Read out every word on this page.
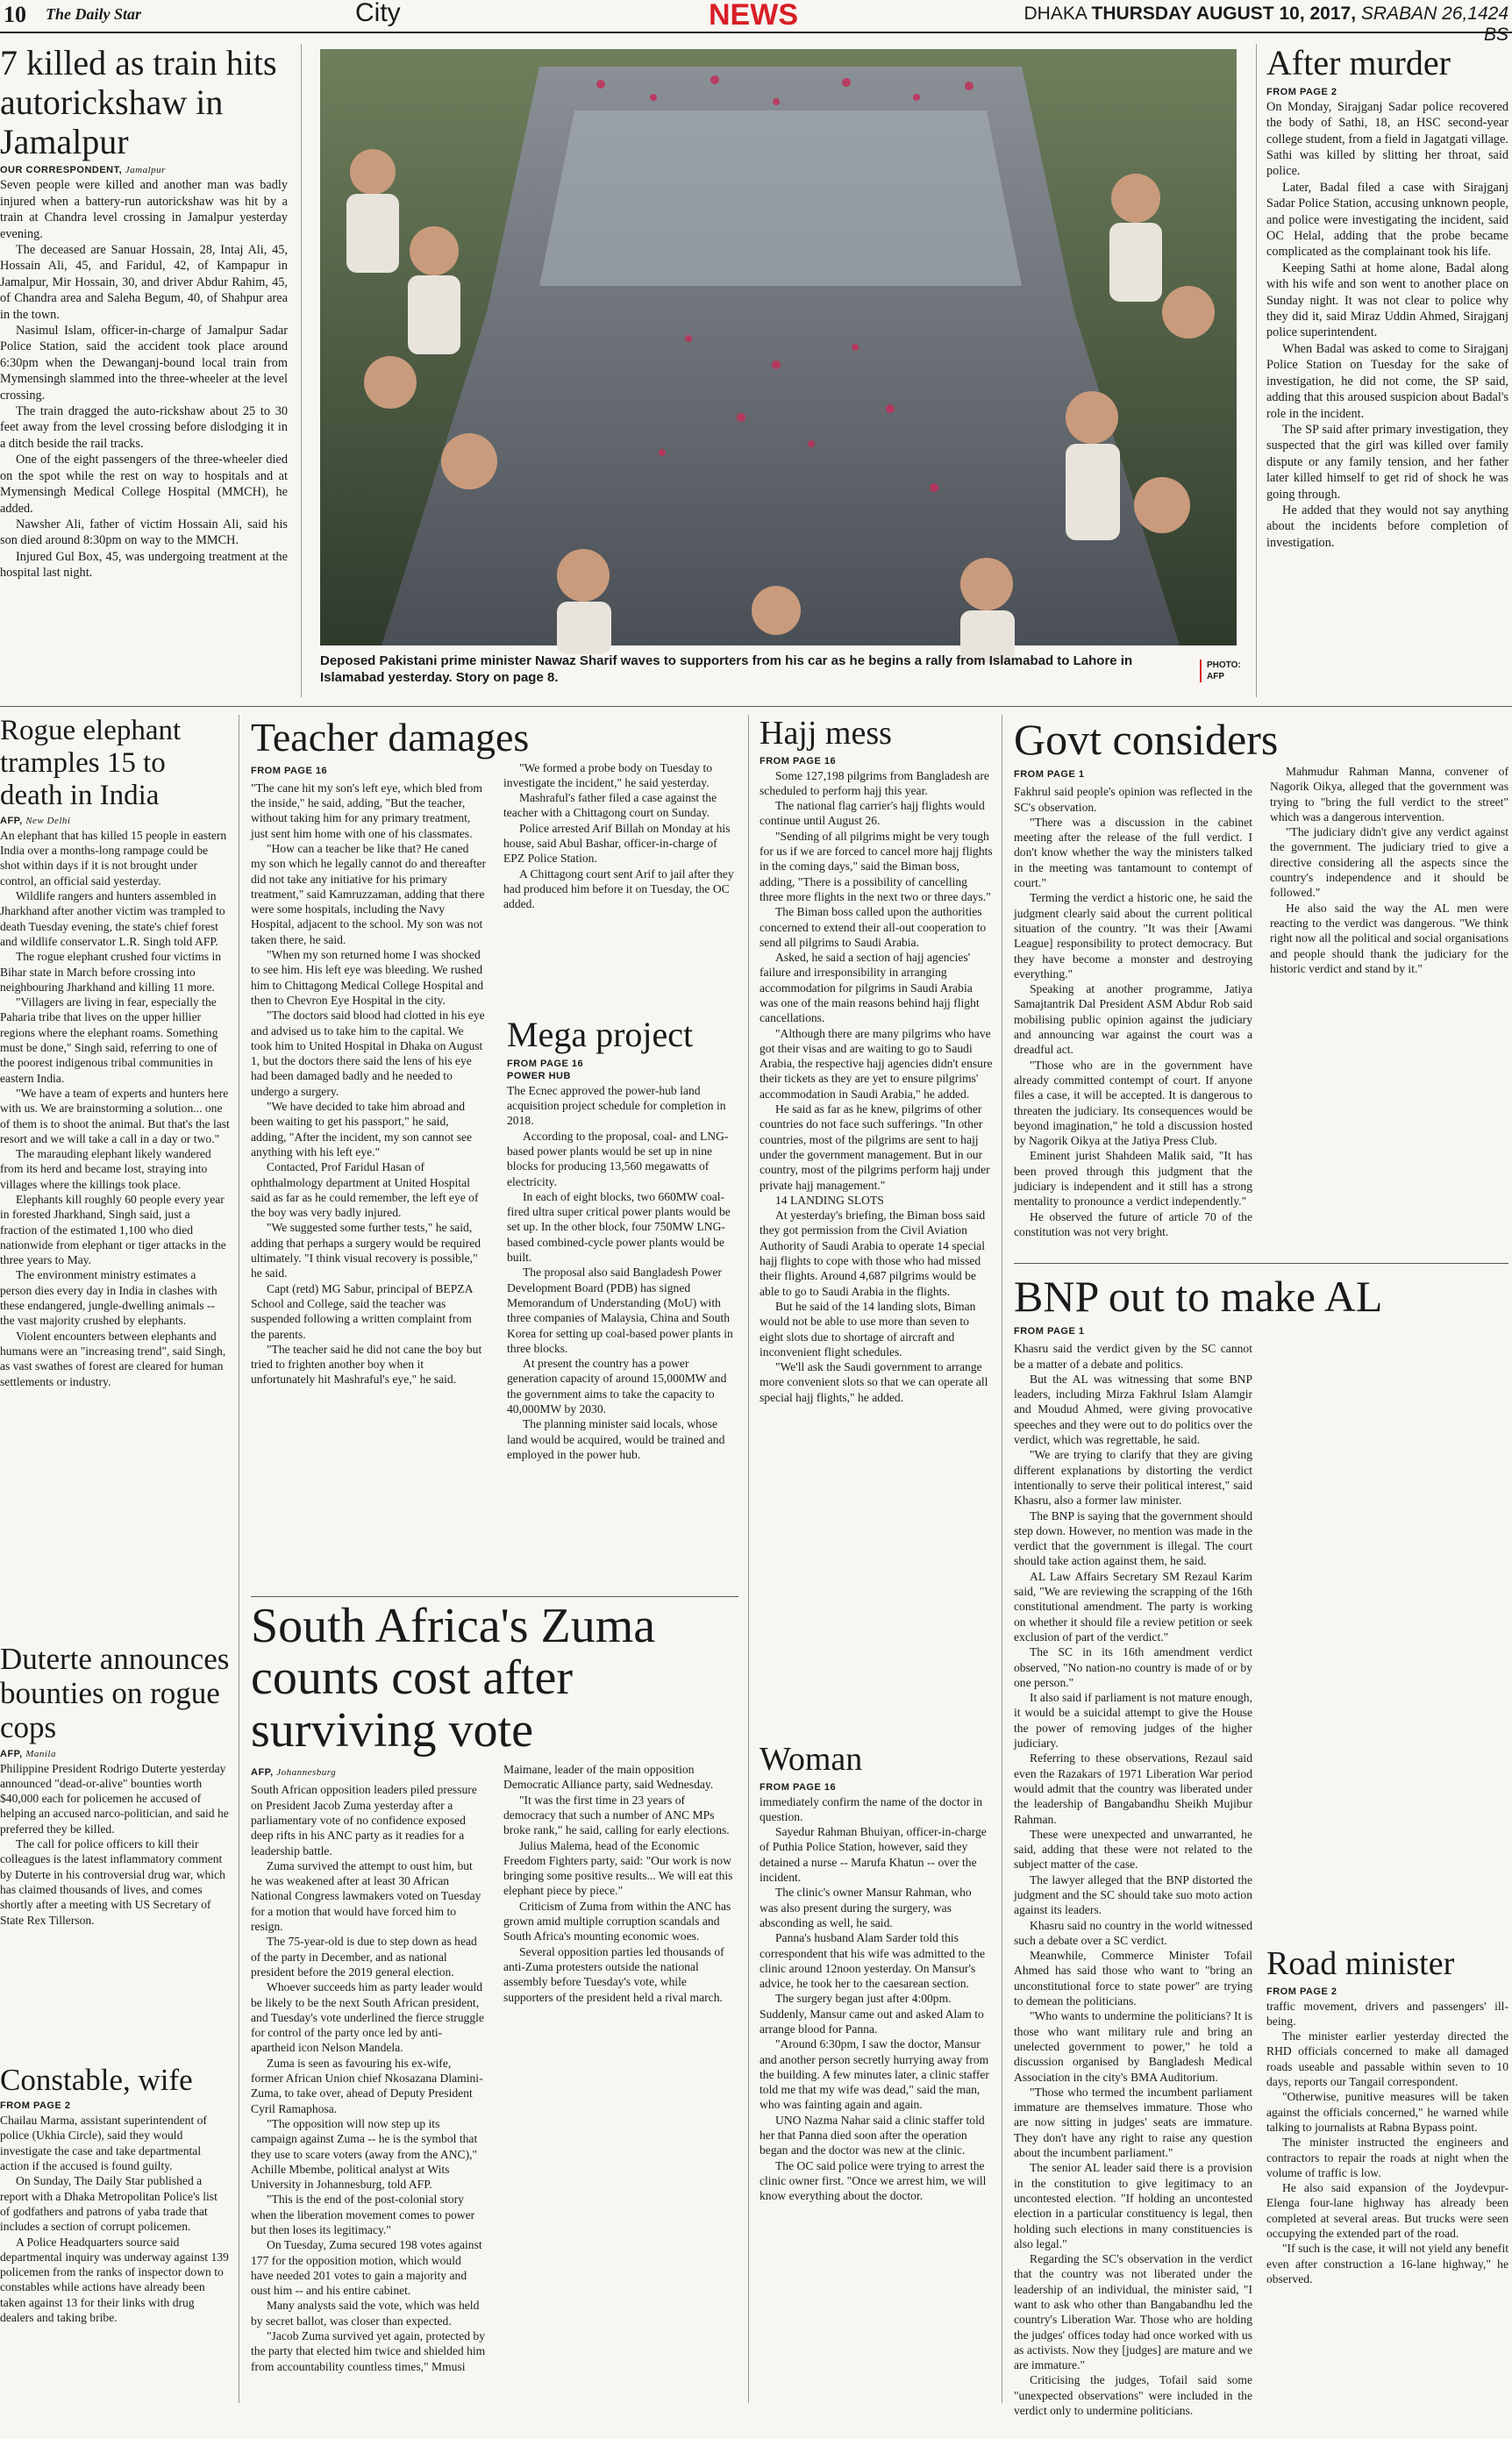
10 The Daily Star	City	NEWS	DHAKA THURSDAY AUGUST 10, 2017, SRABAN 26,1424 BS
7 killed as train hits autorickshaw in Jamalpur
OUR CORRESPONDENT, Jamalpur

Seven people were killed and another man was badly injured when a battery-run autorickshaw was hit by a train at Chandra level crossing in Jamalpur yesterday evening.

The deceased are Sanuar Hossain, 28, Intaj Ali, 45, Hossain Ali, 45, and Faridul, 42, of Kampapur in Jamalpur, Mir Hossain, 30, and driver Abdur Rahim, 45, of Chandra area and Saleha Begum, 40, of Shahpur area in the town.

Nasimul Islam, officer-in-charge of Jamalpur Sadar Police Station, said the accident took place around 6:30pm when the Dewanganj-bound local train from Mymensingh slammed into the three-wheeler at the level crossing.

The train dragged the auto-rickshaw about 25 to 30 feet away from the level crossing before dislodging it in a ditch beside the rail tracks.

One of the eight passengers of the three-wheeler died on the spot while the rest on way to hospitals and at Mymensingh Medical College Hospital (MMCH), he added.

Nawsher Ali, father of victim Hossain Ali, said his son died around 8:30pm on way to the MMCH.

Injured Gul Box, 45, was undergoing treatment at the hospital last night.

Deposed Pakistani prime minister Nawaz Sharif waves to supporters from his car as he begins a rally from Islamabad to Lahore in Islamabad yesterday. Story on page 8.
PHOTO:
AFP
After murder
FROM PAGE 2

On Monday, Sirajganj Sadar police recovered the body of Sathi, 18, an HSC second-year college student, from a field in Jagatgati village. Sathi was killed by slitting her throat, said police.

Later, Badal filed a case with Sirajganj Sadar Police Station, accusing unknown people, and police were investigating the incident, said OC Helal, adding that the probe became complicated as the complainant took his life.

Keeping Sathi at home alone, Badal along with his wife and son went to another place on Sunday night. It was not clear to police why they did it, said Miraz Uddin Ahmed, Sirajganj police superintendent.

When Badal was asked to come to Sirajganj Police Station on Tuesday for the sake of investigation, he did not come, the SP said, adding that this aroused suspicion about Badal's role in the incident.

The SP said after primary investigation, they suspected that the girl was killed over family dispute or any family tension, and her father later killed himself to get rid of shock he was going through.

He added that they would not say anything about the incidents before completion of investigation.

Rogue elephant tramples 15 to death in India
AFP, New Delhi

An elephant that has killed 15 people in eastern India over a months-long rampage could be shot within days if it is not brought under control, an official said yesterday.

Wildlife rangers and hunters assembled in Jharkhand after another victim was trampled to death Tuesday evening, the state's chief forest and wildlife conservator L.R. Singh told AFP.

The rogue elephant crushed four victims in Bihar state in March before crossing into neighbouring Jharkhand and killing 11 more.

"Villagers are living in fear, especially the Paharia tribe that lives on the upper hillier regions where the elephant roams. Something must be done," Singh said, referring to one of the poorest indigenous tribal communities in eastern India.

"We have a team of experts and hunters here with us. We are brainstorming a solution... one of them is to shoot the animal. But that's the last resort and we will take a call in a day or two."

The marauding elephant likely wandered from its herd and became lost, straying into villages where the killings took place.

Elephants kill roughly 60 people every year in forested Jharkhand, Singh said, just a fraction of the estimated 1,100 who died nationwide from elephant or tiger attacks in the three years to May.

The environment ministry estimates a person dies every day in India in clashes with these endangered, jungle-dwelling animals -- the vast majority crushed by elephants.

Violent encounters between elephants and humans were an "increasing trend", said Singh, as vast swathes of forest are cleared for human settlements or industry.

Duterte announces bounties on rogue cops
AFP, Manila

Philippine President Rodrigo Duterte yesterday announced "dead-or-alive" bounties worth $40,000 each for policemen he accused of helping an accused narco-politician, and said he preferred they be killed.

The call for police officers to kill their colleagues is the latest inflammatory comment by Duterte in his controversial drug war, which has claimed thousands of lives, and comes shortly after a meeting with US Secretary of State Rex Tillerson.

Constable, wife
FROM PAGE 2

Chailau Marma, assistant superintendent of police (Ukhia Circle), said they would investigate the case and take departmental action if the accused is found guilty.

On Sunday, The Daily Star published a report with a Dhaka Metropolitan Police's list of godfathers and patrons of yaba trade that includes a section of corrupt policemen.

A Police Headquarters source said departmental inquiry was underway against 139 policemen from the ranks of inspector down to constables while actions have already been taken against 13 for their links with drug dealers and taking bribe.

Teacher damages
FROM PAGE 16

"The cane hit my son's left eye, which bled from the inside," he said, adding, "But the teacher, without taking him for any primary treatment, just sent him home with one of his classmates.

"How can a teacher be like that? He caned my son which he legally cannot do and thereafter did not take any initiative for his primary treatment," said Kamruzzaman, adding that there were some hospitals, including the Navy Hospital, adjacent to the school. My son was not taken there, he said.

"When my son returned home I was shocked to see him. His left eye was bleeding. We rushed him to Chittagong Medical College Hospital and then to Chevron Eye Hospital in the city.

"The doctors said blood had clotted in his eye and advised us to take him to the capital. We took him to United Hospital in Dhaka on August 1, but the doctors there said the lens of his eye had been damaged badly and he needed to undergo a surgery.

"We have decided to take him abroad and been waiting to get his passport," he said, adding, "After the incident, my son cannot see anything with his left eye."

Contacted, Prof Faridul Hasan of ophthalmology department at United Hospital said as far as he could remember, the left eye of the boy was very badly injured.

"We suggested some further tests," he said, adding that perhaps a surgery would be required ultimately. "I think visual recovery is possible," he said.

Capt (retd) MG Sabur, principal of BEPZA School and College, said the teacher was suspended following a written complaint from the parents.

"The teacher said he did not cane the boy but tried to frighten another boy when it unfortunately hit Mashraful's eye," he said.

"We formed a probe body on Tuesday to investigate the incident," he said yesterday.

Mashraful's father filed a case against the teacher with a Chittagong court on Sunday.

Police arrested Arif Billah on Monday at his house, said Abul Bashar, officer-in-charge of EPZ Police Station.

A Chittagong court sent Arif to jail after they had produced him before it on Tuesday, the OC added.

Mega project
FROM PAGE 16
POWER HUB

The Ecnec approved the power-hub land acquisition project schedule for completion in 2018.

According to the proposal, coal- and LNG-based power plants would be set up in nine blocks for producing 13,560 megawatts of electricity.

In each of eight blocks, two 660MW coal-fired ultra super critical power plants would be set up. In the other block, four 750MW LNG-based combined-cycle power plants would be built.

The proposal also said Bangladesh Power Development Board (PDB) has signed Memorandum of Understanding (MoU) with three companies of Malaysia, China and South Korea for setting up coal-based power plants in three blocks.

At present the country has a power generation capacity of around 15,000MW and the government aims to take the capacity to 40,000MW by 2030.

The planning minister said locals, whose land would be acquired, would be trained and employed in the power hub.

South Africa's Zuma counts cost after surviving vote
AFP, Johannesburg

South African opposition leaders piled pressure on President Jacob Zuma yesterday after a parliamentary vote of no confidence exposed deep rifts in his ANC party as it readies for a leadership battle.

Zuma survived the attempt to oust him, but he was weakened after at least 30 African National Congress lawmakers voted on Tuesday for a motion that would have forced him to resign.

The 75-year-old is due to step down as head of the party in December, and as national president before the 2019 general election.

Whoever succeeds him as party leader would be likely to be the next South African president, and Tuesday's vote underlined the fierce struggle for control of the party once led by anti-apartheid icon Nelson Mandela.

Zuma is seen as favouring his ex-wife, former African Union chief Nkosazana Dlamini-Zuma, to take over, ahead of Deputy President Cyril Ramaphosa.

"The opposition will now step up its campaign against Zuma -- he is the symbol that they use to scare voters (away from the ANC)," Achille Mbembe, political analyst at Wits University in Johannesburg, told AFP.

"This is the end of the post-colonial story when the liberation movement comes to power but then loses its legitimacy."

On Tuesday, Zuma secured 198 votes against 177 for the opposition motion, which would have needed 201 votes to gain a majority and oust him -- and his entire cabinet.

Many analysts said the vote, which was held by secret ballot, was closer than expected.

"Jacob Zuma survived yet again, protected by the party that elected him twice and shielded him from accountability countless times," Mmusi Maimane, leader of the main opposition Democratic Alliance party, said Wednesday.

"It was the first time in 23 years of democracy that such a number of ANC MPs broke rank," he said, calling for early elections.

Julius Malema, head of the Economic Freedom Fighters party, said: "Our work is now bringing some positive results... We will eat this elephant piece by piece."

Criticism of Zuma from within the ANC has grown amid multiple corruption scandals and South Africa's mounting economic woes.

Several opposition parties led thousands of anti-Zuma protesters outside the national assembly before Tuesday's vote, while supporters of the president held a rival march.

Hajj mess
FROM PAGE 16

Some 127,198 pilgrims from Bangladesh are scheduled to perform hajj this year.

The national flag carrier's hajj flights would continue until August 26.

"Sending of all pilgrims might be very tough for us if we are forced to cancel more hajj flights in the coming days," said the Biman boss, adding, "There is a possibility of cancelling three more flights in the next two or three days."

The Biman boss called upon the authorities concerned to extend their all-out cooperation to send all pilgrims to Saudi Arabia.

Asked, he said a section of hajj agencies' failure and irresponsibility in arranging accommodation for pilgrims in Saudi Arabia was one of the main reasons behind hajj flight cancellations.

"Although there are many pilgrims who have got their visas and are waiting to go to Saudi Arabia, the respective hajj agencies didn't ensure their tickets as they are yet to ensure pilgrims' accommodation in Saudi Arabia," he added.

He said as far as he knew, pilgrims of other countries do not face such sufferings. "In other countries, most of the pilgrims are sent to hajj under the government management. But in our country, most of the pilgrims perform hajj under private hajj management."

14 LANDING SLOTS

At yesterday's briefing, the Biman boss said they got permission from the Civil Aviation Authority of Saudi Arabia to operate 14 special hajj flights to cope with those who had missed their flights. Around 4,687 pilgrims would be able to go to Saudi Arabia in the flights.

But he said of the 14 landing slots, Biman would not be able to use more than seven to eight slots due to shortage of aircraft and inconvenient flight schedules.

"We'll ask the Saudi government to arrange more convenient slots so that we can operate all special hajj flights," he added.

Woman
FROM PAGE 16

immediately confirm the name of the doctor in question.

Sayedur Rahman Bhuiyan, officer-in-charge of Puthia Police Station, however, said they detained a nurse -- Marufa Khatun -- over the incident.

The clinic's owner Mansur Rahman, who was also present during the surgery, was absconding as well, he said.

Panna's husband Alam Sarder told this correspondent that his wife was admitted to the clinic around 12noon yesterday. On Mansur's advice, he took her to the caesarean section.

The surgery began just after 4:00pm. Suddenly, Mansur came out and asked Alam to arrange blood for Panna.

"Around 6:30pm, I saw the doctor, Mansur and another person secretly hurrying away from the building. A few minutes later, a clinic staffer told me that my wife was dead," said the man, who was fainting again and again.

UNO Nazma Nahar said a clinic staffer told her that Panna died soon after the operation began and the doctor was new at the clinic.

The OC said police were trying to arrest the clinic owner first. "Once we arrest him, we will know everything about the doctor.

Govt considers
FROM PAGE 1

Fakhrul said people's opinion was reflected in the SC's observation.

"There was a discussion in the cabinet meeting after the release of the full verdict. I don't know whether the way the ministers talked in the meeting was tantamount to contempt of court."

Terming the verdict a historic one, he said the judgment clearly said about the current political situation of the country. "It was their [Awami League] responsibility to protect democracy. But they have become a monster and destroying everything."

Speaking at another programme, Jatiya Samajtantrik Dal President ASM Abdur Rob said mobilising public opinion against the judiciary and announcing war against the court was a dreadful act.

"Those who are in the government have already committed contempt of court. If anyone files a case, it will be accepted. It is dangerous to threaten the judiciary. Its consequences would be beyond imagination," he told a discussion hosted by Nagorik Oikya at the Jatiya Press Club.

Eminent jurist Shahdeen Malik said, "It has been proved through this judgment that the judiciary is independent and it still has a strong mentality to pronounce a verdict independently."

He observed the future of article 70 of the constitution was not very bright.

Mahmudur Rahman Manna, convener of Nagorik Oikya, alleged that the government was trying to "bring the full verdict to the street" which was a dangerous intervention.

"The judiciary didn't give any verdict against the government. The judiciary tried to give a directive considering all the aspects since the country's independence and it should be followed."

He also said the way the AL men were reacting to the verdict was dangerous. "We think right now all the political and social organisations and people should thank the judiciary for the historic verdict and stand by it."

BNP out to make AL
FROM PAGE 1

Khasru said the verdict given by the SC cannot be a matter of a debate and politics.

But the AL was witnessing that some BNP leaders, including Mirza Fakhrul Islam Alamgir and Moudud Ahmed, were giving provocative speeches and they were out to do politics over the verdict, which was regrettable, he said.

"We are trying to clarify that they are giving different explanations by distorting the verdict intentionally to serve their political interest," said Khasru, also a former law minister.

The BNP is saying that the government should step down. However, no mention was made in the verdict that the government is illegal. The court should take action against them, he said.

AL Law Affairs Secretary SM Rezaul Karim said, "We are reviewing the scrapping of the 16th constitutional amendment. The party is working on whether it should file a review petition or seek exclusion of part of the verdict."

The SC in its 16th amendment verdict observed, "No nation-no country is made of or by one person."

It also said if parliament is not mature enough, it would be a suicidal attempt to give the House the power of removing judges of the higher judiciary.

Referring to these observations, Rezaul said even the Razakars of 1971 Liberation War period would admit that the country was liberated under the leadership of Bangabandhu Sheikh Mujibur Rahman.

These were unexpected and unwarranted, he said, adding that these were not related to the subject matter of the case.

The lawyer alleged that the BNP distorted the judgment and the SC should take suo moto action against its leaders.

Khasru said no country in the world witnessed such a debate over a SC verdict.

Meanwhile, Commerce Minister Tofail Ahmed has said those who want to "bring an unconstitutional force to state power" are trying to demean the politicians.

"Who wants to undermine the politicians? It is those who want military rule and bring an unelected government to power," he told a discussion organised by Bangladesh Medical Association in the city's BMA Auditorium.

"Those who termed the incumbent parliament immature are themselves immature. Those who are now sitting in judges' seats are immature. They don't have any right to raise any question about the incumbent parliament."

The senior AL leader said there is a provision in the constitution to give legitimacy to an uncontested election. "If holding an uncontested election in a particular constituency is legal, then holding such elections in many constituencies is also legal."

Regarding the SC's observation in the verdict that the country was not liberated under the leadership of an individual, the minister said, "I want to ask who other than Bangabandhu led the country's Liberation War. Those who are holding the judges' offices today had once worked with us as activists. Now they [judges] are mature and we are immature."

Criticising the judges, Tofail said some "unexpected observations" were included in the verdict only to undermine politicians.

Road minister
FROM PAGE 2

traffic movement, drivers and passengers' ill-being.

The minister earlier yesterday directed the RHD officials concerned to make all damaged roads useable and passable within seven to 10 days, reports our Tangail correspondent.

"Otherwise, punitive measures will be taken against the officials concerned," he warned while talking to journalists at Rabna Bypass point.

The minister instructed the engineers and contractors to repair the roads at night when the volume of traffic is low.

He also said expansion of the Joydevpur-Elenga four-lane highway has already been completed at several areas. But trucks were seen occupying the extended part of the road.

"If such is the case, it will not yield any benefit even after construction a 16-lane highway," he observed.
